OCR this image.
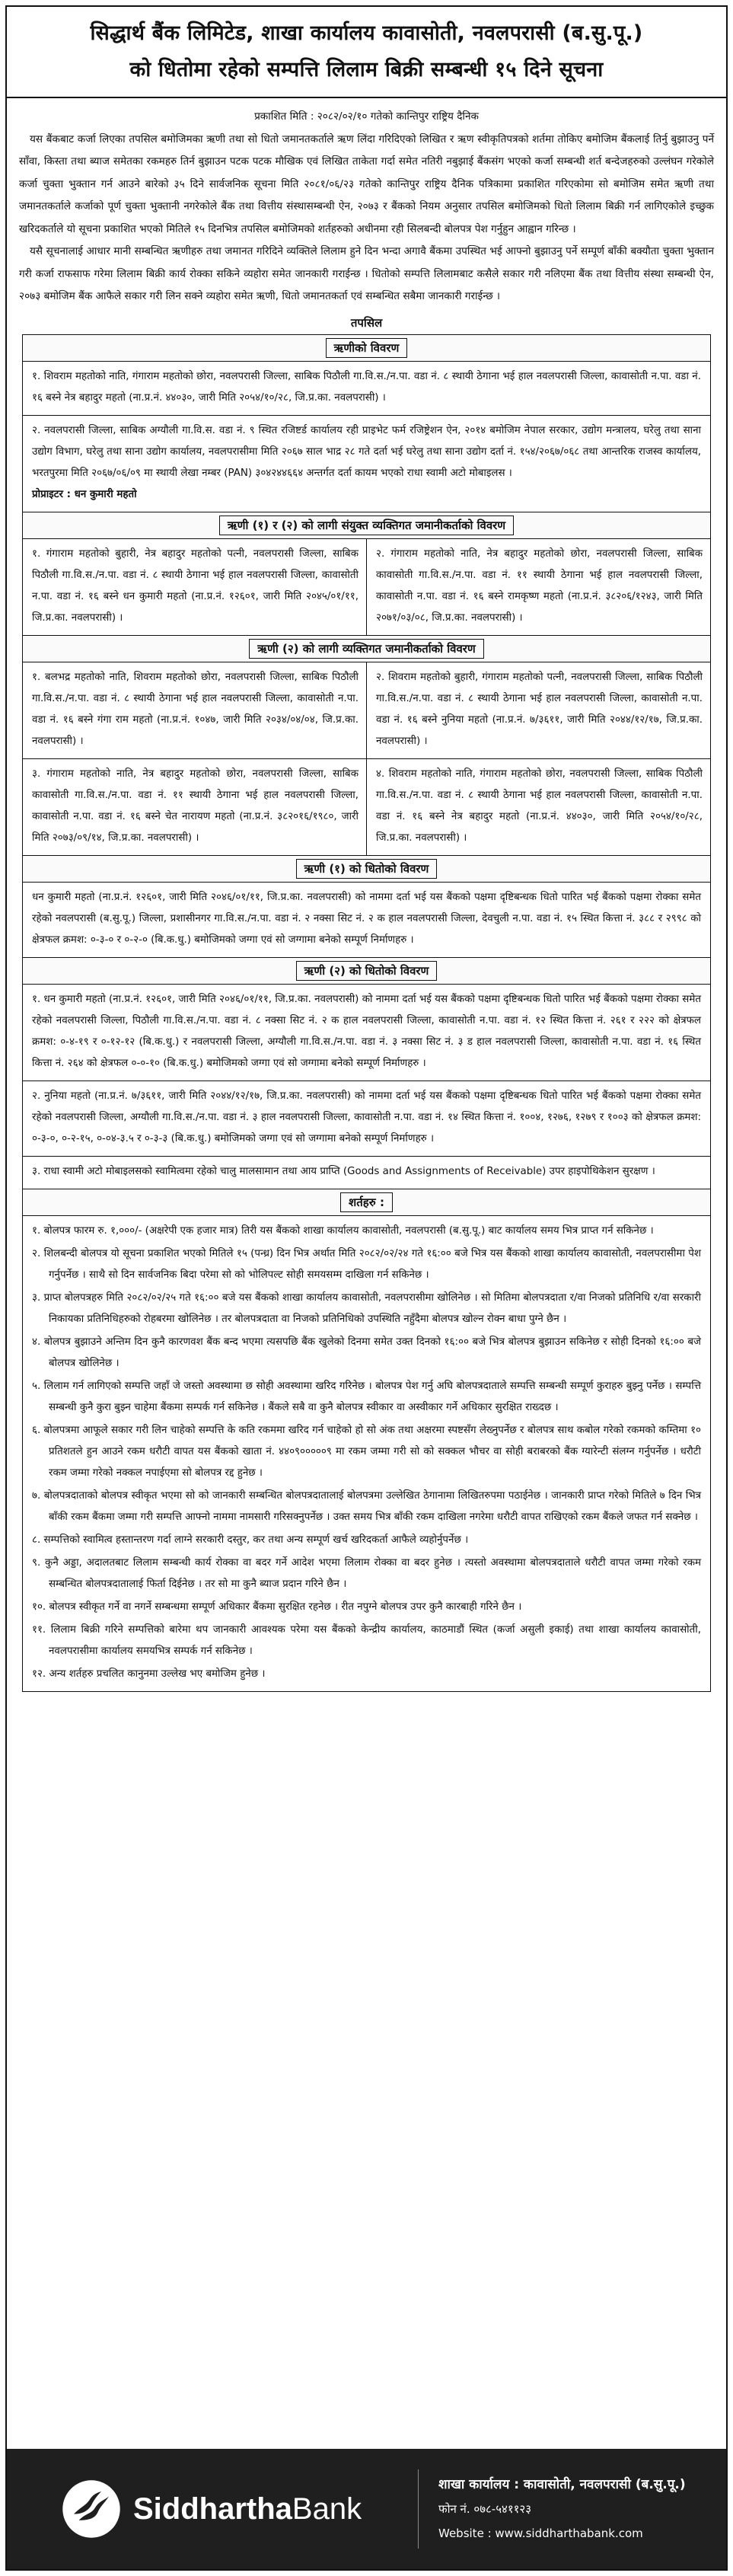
सिद्धार्थ बैंक लिमिटेड, शाखा कार्यालय कावासोती, नवलपरासी (ब.सु.पू.)
को धितोमा रहेको सम्पत्ति लिलाम बिक्री सम्बन्धी १५ दिने सूचना

प्रकाशित मिति : २०८२/०२/१० गतेको कान्तिपुर राष्ट्रिय दैनिक

यस बैंकबाट कर्जा लिएका तपसिल बमोजिमका ऋणी तथा सो धितो जमानतकर्ताले ऋण लिंदा गरिदिएको लिखित र ऋण स्वीकृतिपत्रको शर्तमा तोकिए बमोजिम बैंकलाई तिर्नु बुझाउनु पर्ने साँवा, किस्ता तथा ब्याज समेतका रकमहरु तिर्न बुझाउन पटक पटक मौखिक एवं लिखित ताकेता गर्दा समेत नतिरी नबुझाई बैंकसंग भएको कर्जा सम्बन्धी शर्त बन्देजहरुको उल्लंघन गरेकोले कर्जा चुक्ता भुक्तान गर्न आउने बारेको ३५ दिने सार्वजनिक सूचना मिति २०८१/०६/२३ गतेको कान्तिपुर राष्ट्रिय दैनिक पत्रिकामा प्रकाशित गरिएकोमा सो बमोजिम समेत ऋणी तथा जमानतकर्ताले कर्जाको पूर्ण चुक्ता भुक्तानी नगरेकोले बैंक तथा वित्तीय संस्थासम्बन्धी ऐन, २०७३ र बैंकको नियम अनुसार तपसिल बमोजिमको धितो लिलाम बिक्री गर्न लागिएकोले इच्छुक खरिदकर्ताले यो सूचना प्रकाशित भएको मितिले १५ दिनभित्र तपसिल बमोजिमको शर्तहरुको अधीनमा रही सिलबन्दी बोलपत्र पेश गर्नुहुन आह्वान गरिन्छ ।

यसै सूचनालाई आधार मानी सम्बन्धित ऋणीहरु तथा जमानत गरिदिने व्यक्तिले लिलाम हुने दिन भन्दा अगावै बैंकमा उपस्थित भई आफ्नो बुझाउनु पर्ने सम्पूर्ण बाँकी बक्यौता चुक्ता भुक्तान गरी कर्जा राफसाफ गरेमा लिलाम बिक्री कार्य रोक्का सकिने व्यहोरा समेत जानकारी गराईन्छ । धितोको सम्पत्ति लिलामबाट कसैले सकार गरी नलिएमा बैंक तथा वित्तीय संस्था सम्बन्धी ऐन, २०७३ बमोजिम बैंक आफैले सकार गरी लिन सक्ने व्यहोरा समेत ऋणी, धितो जमानतकर्ता एवं सम्बन्धित सबैमा जानकारी गराईन्छ ।

तपसिल
ऋणीको विवरण
१. शिवराम महतोको नाति, गंगाराम महतोको छोरा, नवलपरासी जिल्ला, साबिक पिठौली गा.वि.स./न.पा. वडा नं. ८ स्थायी ठेगाना भई हाल नवलपरासी जिल्ला, कावासोती न.पा. वडा नं. १६ बस्ने नेत्र बहादुर महतो (ना.प्र.नं. ४४०३०, जारी मिति २०५४/१०/२८, जि.प्र.का. नवलपरासी) ।
२. नवलपरासी जिल्ला, साबिक अग्यौली गा.वि.स. वडा नं. ९ स्थित रजिष्टर्ड कार्यालय रही प्राइभेट फर्म रजिष्ट्रेशन ऐन, २०१४ बमोजिम नेपाल सरकार, उद्योग मन्त्रालय, घरेलु तथा साना उद्योग विभाग, घरेलु तथा साना उद्योग कार्यालय, नवलपरासीमा मिति २०६७ साल भाद्र २८ गते दर्ता भई घरेलु तथा साना उद्योग दर्ता नं. १५४/२०६७/०६८ तथा आन्तरिक राजस्व कार्यालय, भरतपुरमा मिति २०६७/०६/०९ मा स्थायी लेखा नम्बर (PAN) ३०४२४४६६४ अन्तर्गत दर्ता कायम भएको राधा स्वामी अटो मोबाइलस ।
प्रोप्राइटर : धन कुमारी महतो
ऋणी (१) र (२) को लागी संयुक्त व्यक्तिगत जमानीकर्ताको विवरण
१. गंगाराम महतोको बुहारी, नेत्र बहादुर महतोको पत्नी, नवलपरासी जिल्ला, साबिक पिठौली गा.वि.स./न.पा. वडा नं. ८ स्थायी ठेगाना भई हाल नवलपरासी जिल्ला, कावासोती न.पा. वडा नं. १६ बस्ने धन कुमारी महतो (ना.प्र.नं. १२६०१, जारी मिति २०४५/०१/११, जि.प्र.का. नवलपरासी) ।
२. गंगाराम महतोको नाति, नेत्र बहादुर महतोको छोरा, नवलपरासी जिल्ला, साबिक कावासोती गा.वि.स./न.पा. वडा नं. ११ स्थायी ठेगाना भई हाल नवलपरासी जिल्ला, कावासोती न.पा. वडा नं. १६ बस्ने रामकृष्ण महतो (ना.प्र.नं. ३८२०६/१२४३, जारी मिति २०७१/०३/०८, जि.प्र.का. नवलपरासी) ।
ऋणी (२) को लागी व्यक्तिगत जमानीकर्ताको विवरण
१. बलभद्र महतोको नाति, शिवराम महतोको छोरा, नवलपरासी जिल्ला, साबिक पिठौली गा.वि.स./न.पा. वडा नं. ८ स्थायी ठेगाना भई हाल नवलपरासी जिल्ला, कावासोती न.पा. वडा नं. १६ बस्ने गंगा राम महतो (ना.प्र.नं. १०४७, जारी मिति २०३४/०४/०४, जि.प्र.का. नवलपरासी) ।
२. शिवराम महतोको बुहारी, गंगाराम महतोको पत्नी, नवलपरासी जिल्ला, साबिक पिठौली गा.वि.स./न.पा. वडा नं. ८ स्थायी ठेगाना भई हाल नवलपरासी जिल्ला, कावासोती न.पा. वडा नं. १६ बस्ने नुनिया महतो (ना.प्र.नं. ७/३६११, जारी मिति २०४४/१२/१७, जि.प्र.का. नवलपरासी) ।
३. गंगाराम महतोको नाति, नेत्र बहादुर महतोको छोरा, नवलपरासी जिल्ला, साबिक कावासोती गा.वि.स./न.पा. वडा नं. ११ स्थायी ठेगाना भई हाल नवलपरासी जिल्ला, कावासोती न.पा. वडा नं. १६ बस्ने चेत नारायण महतो (ना.प्र.नं. ३८२०१६/१९८०, जारी मिति २०७३/०९/१४, जि.प्र.का. नवलपरासी) ।
४. शिवराम महतोको नाति, गंगाराम महतोको छोरा, नवलपरासी जिल्ला, साबिक पिठौली गा.वि.स./न.पा. वडा नं. ८ स्थायी ठेगाना भई हाल नवलपरासी जिल्ला, कावासोती न.पा. वडा नं. १६ बस्ने नेत्र बहादुर महतो (ना.प्र.नं. ४४०३०, जारी मिति २०५४/१०/२८, जि.प्र.का. नवलपरासी) ।
ऋणी (१) को धितोको विवरण
धन कुमारी महतो (ना.प्र.नं. १२६०१, जारी मिति २०४६/०१/११, जि.प्र.का. नवलपरासी) को नाममा दर्ता भई यस बैंकको पक्षमा दृष्टिबन्धक धितो पारित भई बैंकको पक्षमा रोक्का समेत रहेको नवलपरासी (ब.सु.पू.) जिल्ला, प्रशासीनगर गा.वि.स./न.पा. वडा नं. २ नक्सा सिट नं. २ क हाल नवलपरासी जिल्ला, देवचुली न.पा. वडा नं. १५ स्थित कित्ता नं. ३८८ र २९९८ को क्षेत्रफल क्रमश: ०-३-० र ०-२-० (बि.क.धु.) बमोजिमको जग्गा एवं सो जग्गामा बनेको सम्पूर्ण निर्माणहरु ।
ऋणी (२) को धितोको विवरण
१. धन कुमारी महतो (ना.प्र.नं. १२६०१, जारी मिति २०४६/०१/११, जि.प्र.का. नवलपरासी) को नाममा दर्ता भई यस बैंकको पक्षमा दृष्टिबन्धक धितो पारित भई बैंकको पक्षमा रोक्का समेत रहेको नवलपरासी जिल्ला, पिठौली गा.वि.स./न.पा. वडा नं. ८ नक्सा सिट नं. २ क हाल नवलपरासी जिल्ला, कावासोती न.पा. वडा नं. १२ स्थित कित्ता नं. २६१ र २२२ को क्षेत्रफल क्रमश: ०-४-१९ र ०-१२-१२ (बि.क.धु.) र नवलपरासी जिल्ला, अग्यौली गा.वि.स./न.पा. वडा नं. ३ नक्सा सिट नं. ३ ड हाल नवलपरासी जिल्ला, कावासोती न.पा. वडा नं. १६ स्थित कित्ता नं. २६४ को क्षेत्रफल ०-०-१० (बि.क.धु.) बमोजिमको जग्गा एवं सो जग्गामा बनेको सम्पूर्ण निर्माणहरु ।
२. नुनिया महतो (ना.प्र.नं. ७/३६११, जारी मिति २०४४/१२/१७, जि.प्र.का. नवलपरासी) को नाममा दर्ता भई यस बैंकको पक्षमा दृष्टिबन्धक धितो पारित भई बैंकको पक्षमा रोक्का समेत रहेको नवलपरासी जिल्ला, अग्यौली गा.वि.स./न.पा. वडा नं. ३ हाल नवलपरासी जिल्ला, कावासोती न.पा. वडा नं. १४ स्थित कित्ता नं. १००४, १२७६, १२७९ र १००३ को क्षेत्रफल क्रमश: ०-३-०, ०-२-१५, ०-०४-३.५ र ०-३-३ (बि.क.धु.) बमोजिमको जग्गा एवं सो जग्गामा बनेको सम्पूर्ण निर्माणहरु ।
३. राधा स्वामी अटो मोबाइलसको स्वामित्वमा रहेको चालु मालसामान तथा आय प्राप्ति (Goods and Assignments of Receivable) उपर हाइपोथिकेशन सुरक्षण ।
शर्तहरु :

१. बोलपत्र फारम रु. १,०००/- (अक्षरेपी एक हजार मात्र) तिरी यस बैंकको शाखा कार्यालय कावासोती, नवलपरासी (ब.सु.पू.) बाट कार्यालय समय भित्र प्राप्त गर्न सकिनेछ ।

२. शिलबन्दी बोलपत्र यो सूचना प्रकाशित भएको मितिले १५ (पन्ध्र) दिन भित्र अर्थात मिति २०८२/०२/२४ गते १६:०० बजे भित्र यस बैंकको शाखा कार्यालय कावासोती, नवलपरासीमा पेश गर्नुपर्नेछ । साथै सो दिन सार्वजनिक बिदा परेमा सो को भोलिपल्ट सोही समयसम्म दाखिला गर्न सकिनेछ ।

३. प्राप्त बोलपत्रहरु मिति २०८२/०२/२५ गते १६:०० बजे यस बैंकको शाखा कार्यालय कावासोती, नवलपरासीमा खोलिनेछ । सो मितिमा बोलपत्रदाता र/वा निजको प्रतिनिधि र/वा सरकारी निकायका प्रतिनिधिहरुको रोहबरमा खोलिनेछ । तर बोलपत्रदाता वा निजको प्रतिनिधिको उपस्थिति नहुँदैमा बोलपत्र खोल्न रोक्न बाधा पुग्ने छैन ।

४. बोलपत्र बुझाउने अन्तिम दिन कुनै कारणवश बैंक बन्द भएमा त्यसपछि बैंक खुलेको दिनमा समेत उक्त दिनको १६:०० बजे भित्र बोलपत्र बुझाउन सकिनेछ र सोही दिनको १६:०० बजे बोलपत्र खोलिनेछ ।

५. लिलाम गर्न लागिएको सम्पत्ति जहाँ जे जस्तो अवस्थामा छ सोही अवस्थामा खरिद गरिनेछ । बोलपत्र पेश गर्नु अघि बोलपत्रदाताले सम्पत्ति सम्बन्धी सम्पूर्ण कुराहरु बुझ्नु पर्नेछ । सम्पत्ति सम्बन्धी कुनै कुरा बुझ्न चाहेमा बैंकमा सम्पर्क गर्न सकिनेछ । बैंकले सबै वा कुनै बोलपत्र स्वीकार वा अस्वीकार गर्ने अधिकार सुरक्षित राख्दछ ।

६. बोलपत्रमा आफूले सकार गरी लिन चाहेको सम्पत्ति के कति रकममा खरिद गर्न चाहेको हो सो अंक तथा अक्षरमा स्पष्टसँग लेख्नुपर्नेछ र बोलपत्र साथ कबोल गरेको रकमको कम्तिमा १० प्रतिशतले हुन आउने रकम धरौटी वापत यस बैंकको खाता नं. ४४०९०००००९ मा रकम जम्मा गरी सो को सक्कल भौचर वा सोही बराबरको बैंक ग्यारेन्टी संलग्न गर्नुपर्नेछ । धरौटी रकम जम्मा गरेको नक्कल नपाईएमा सो बोलपत्र रद्द हुनेछ ।

७. बोलपत्रदाताको बोलपत्र स्वीकृत भएमा सो को जानकारी सम्बन्धित बोलपत्रदातालाई बोलपत्रमा उल्लेखित ठेगानामा लिखितरुपमा पठाईनेछ । जानकारी प्राप्त गरेको मितिले ७ दिन भित्र बाँकी रकम बैंकमा जम्मा गरी सम्पत्ति आफ्नो नाममा नामसारी गरिसक्नुपर्नेछ । उक्त समय भित्र बाँकी रकम दाखिला नगरेमा धरौटी वापत राखिएको रकम बैंकले जफत गर्न सक्नेछ ।

८. सम्पत्तिको स्वामित्व हस्तान्तरण गर्दा लाग्ने सरकारी दस्तुर, कर तथा अन्य सम्पूर्ण खर्च खरिदकर्ता आफैले व्यहोर्नुपर्नेछ ।

९. कुनै अड्डा, अदालतबाट लिलाम सम्बन्धी कार्य रोक्का वा बदर गर्ने आदेश भएमा लिलाम रोक्का वा बदर हुनेछ । त्यस्तो अवस्थामा बोलपत्रदाताले धरौटी वापत जम्मा गरेको रकम सम्बन्धित बोलपत्रदातालाई फिर्ता दिईनेछ । तर सो मा कुनै ब्याज प्रदान गरिने छैन ।

१०. बोलपत्र स्वीकृत गर्ने वा नगर्ने सम्बन्धमा सम्पूर्ण अधिकार बैंकमा सुरक्षित रहनेछ । रीत नपुग्ने बोलपत्र उपर कुनै कारबाही गरिने छैन ।

११. लिलाम बिक्री गरिने सम्पत्तिको बारेमा थप जानकारी आवश्यक परेमा यस बैंकको केन्द्रीय कार्यालय, काठमाडौं स्थित (कर्जा असुली इकाई) तथा शाखा कार्यालय कावासोती, नवलपरासीमा कार्यालय समयभित्र सम्पर्क गर्न सकिनेछ ।

१२. अन्य शर्तहरु प्रचलित कानुनमा उल्लेख भए बमोजिम हुनेछ ।

SiddharthaBank
शाखा कार्यालय : कावासोती, नवलपरासी (ब.सु.पू.)
फोन नं. ०७८-५४११२३
Website : www.siddharthabank.com
